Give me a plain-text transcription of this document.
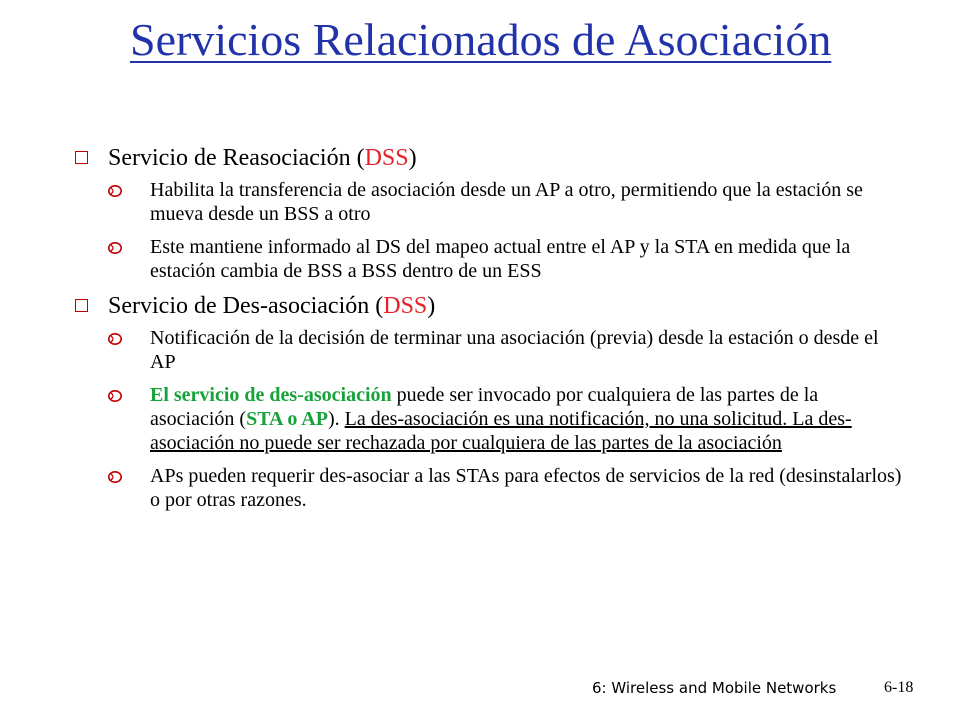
Servicios Relacionados de Asociación
Servicio de Reasociación (DSS)
Habilita la transferencia de asociación desde un AP a otro, permitiendo que la estación se mueva desde un BSS a otro
Este mantiene informado al DS del mapeo actual entre el AP y la STA en medida que la estación cambia de BSS a BSS dentro de un ESS
Servicio de Des-asociación (DSS)
Notificación de la decisión de terminar una asociación (previa) desde la estación o desde el AP
El servicio de des-asociación puede ser invocado por cualquiera de las partes de la asociación (STA o AP). La des-asociación es una notificación, no una solicitud. La des-asociación no puede ser rechazada por cualquiera de las partes de la asociación
APs pueden requerir des-asociar a las STAs para efectos de servicios de la red (desinstalarlos) o por otras razones.
6: Wireless and Mobile Networks	6-18
